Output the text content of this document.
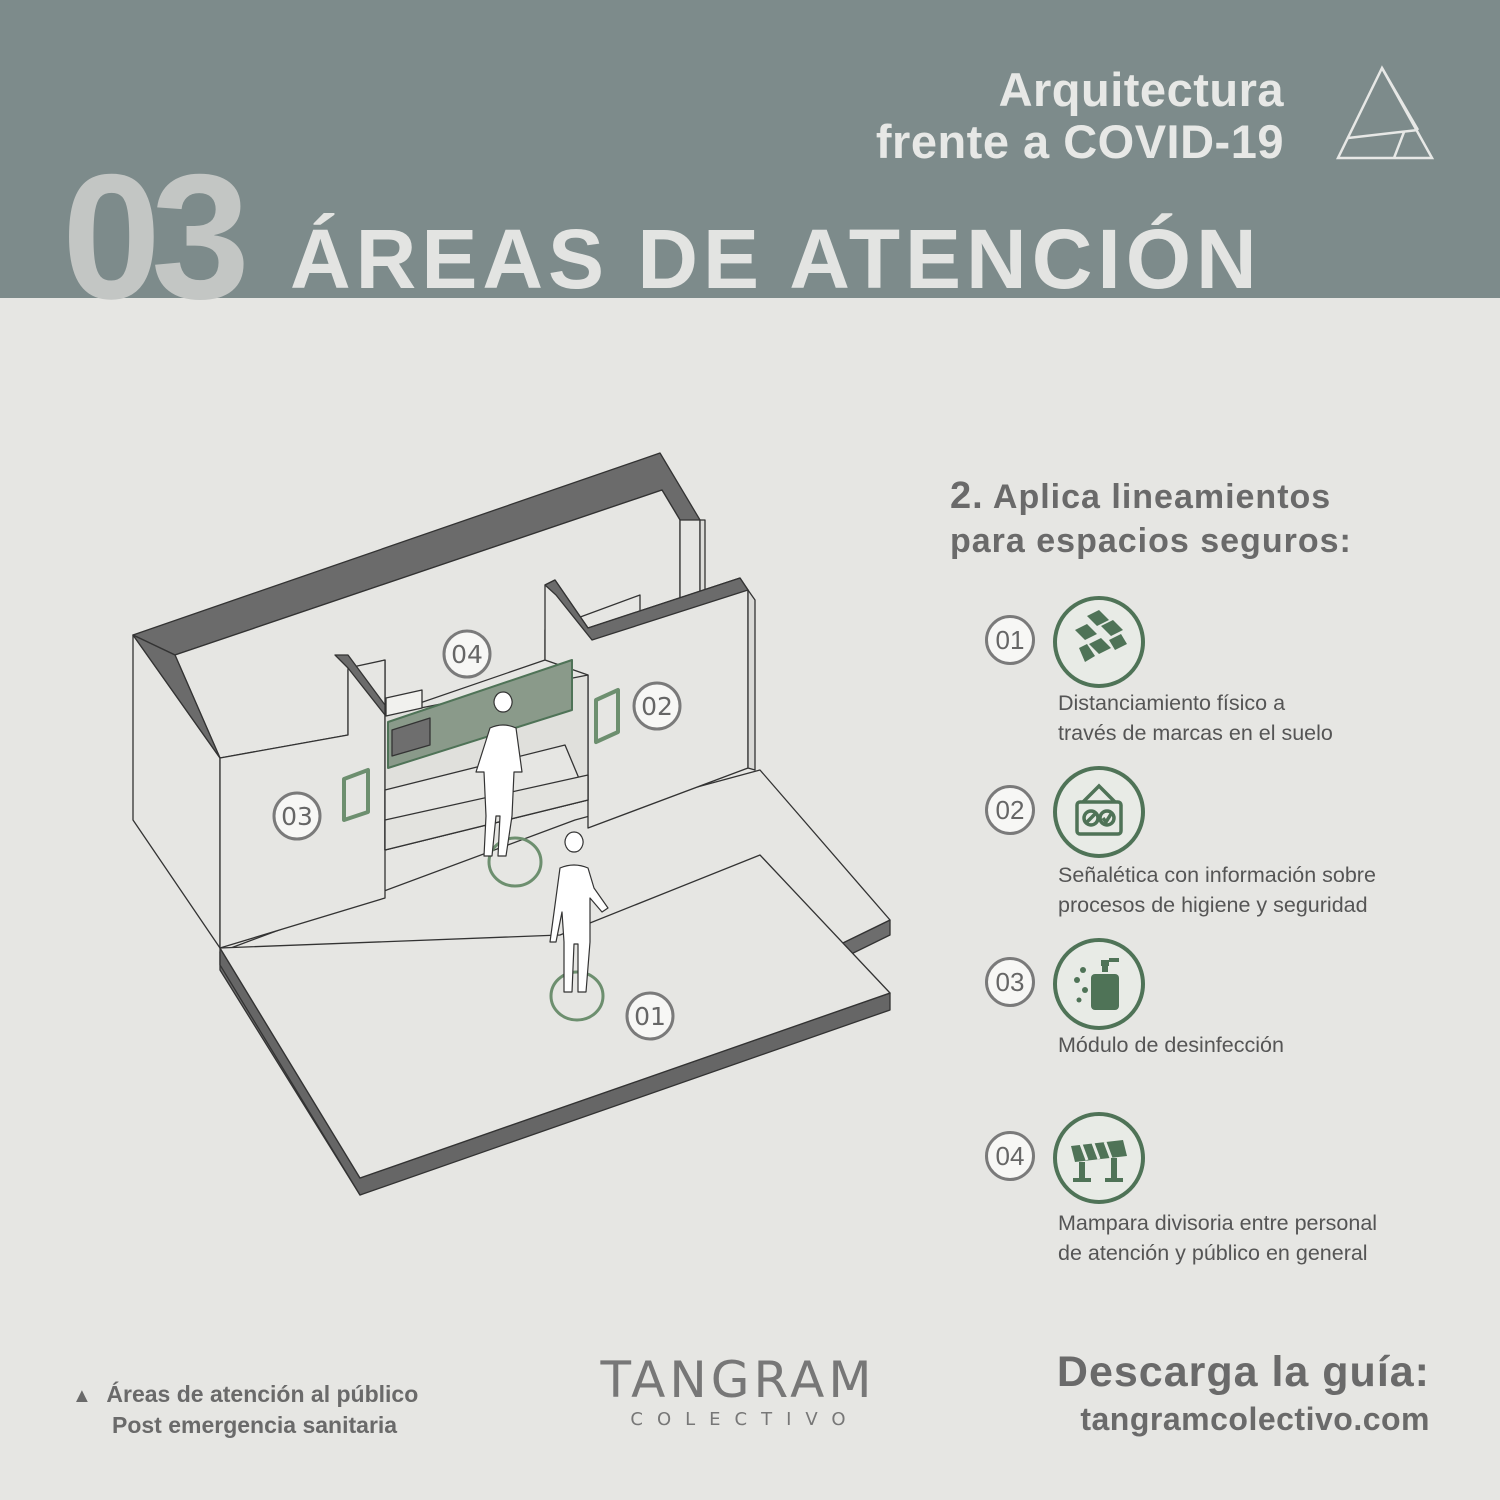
Arquitectura
frente a COVID-19
03 ÁREAS DE ATENCIÓN
04
02
03
01
2. Aplica lineamientos
para espacios seguros:
01
Distanciamiento físico a
través de marcas en el suelo
02
Señalética con información sobre
procesos de higiene y seguridad
03
Módulo de desinfección
04
Mampara divisoria entre personal
de atención y público en general
▲ Áreas de atención al público
Post emergencia sanitaria
TANGRAM
COLECTIVO
Descarga la guía:
tangramcolectivo.com
